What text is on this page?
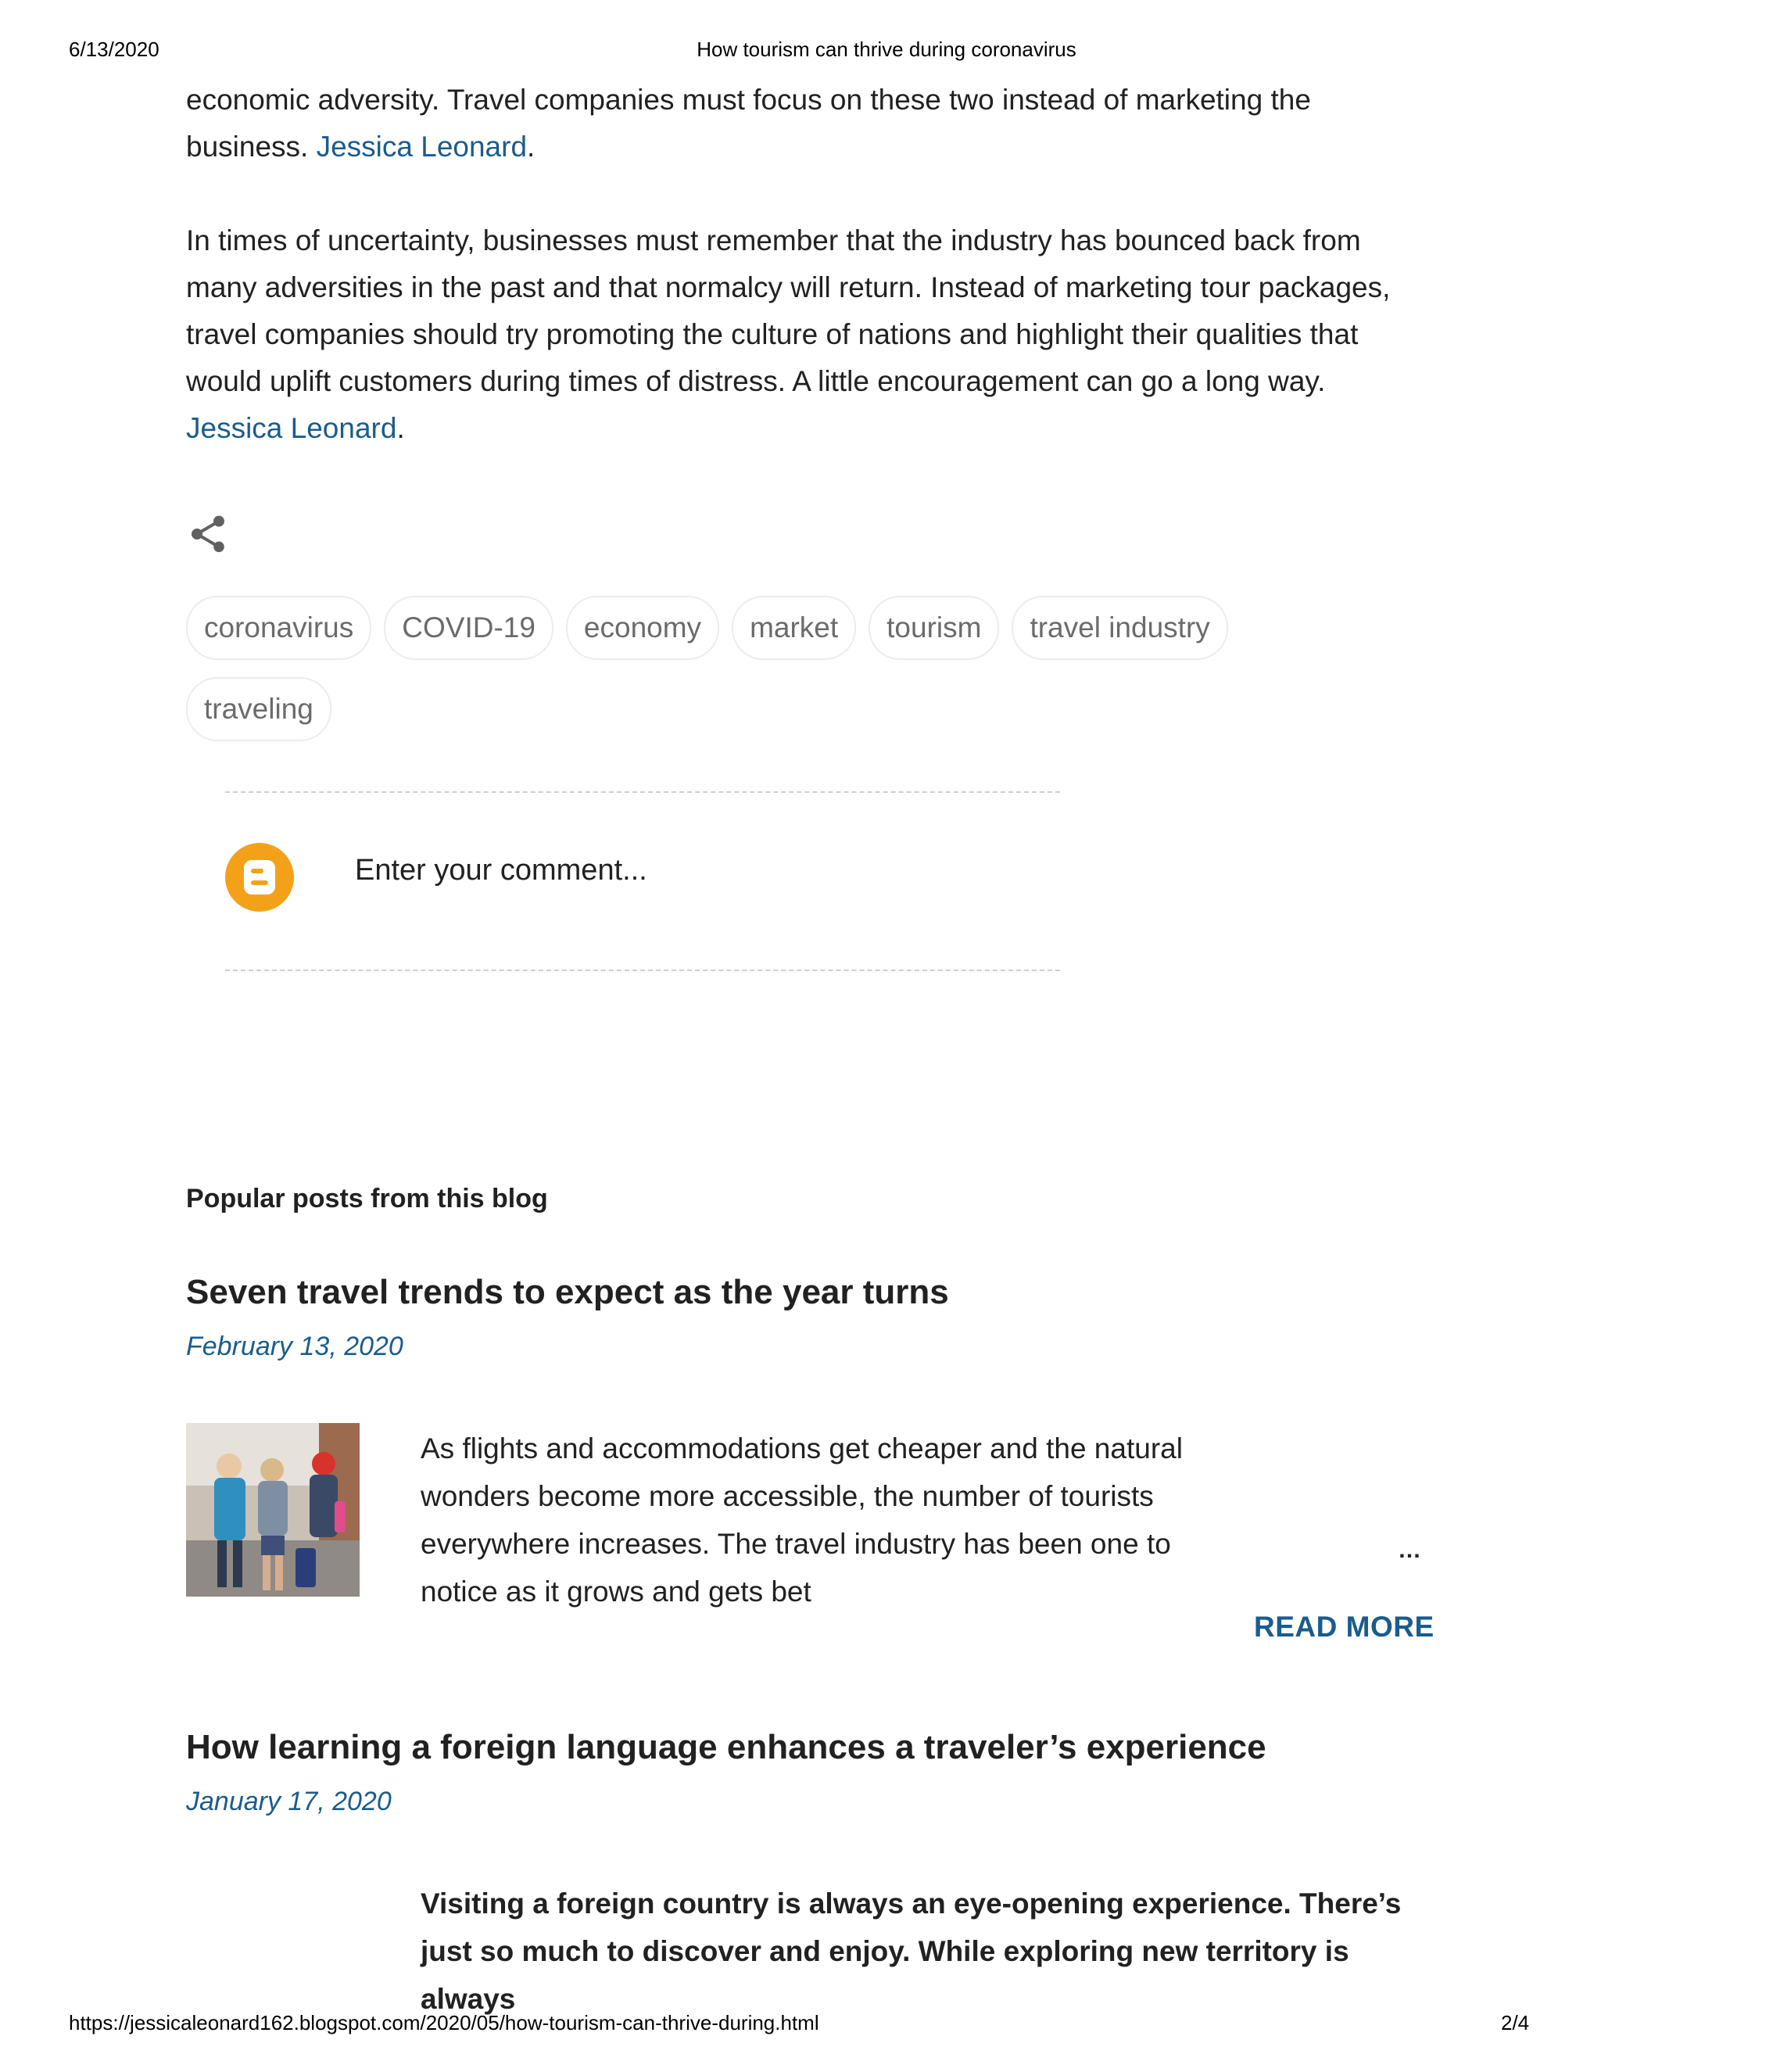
6/13/2020	How tourism can thrive during coronavirus

economic adversity. Travel companies must focus on these two instead of marketing the business. Jessica Leonard.

In times of uncertainty, businesses must remember that the industry has bounced back from many adversities in the past and that normalcy will return. Instead of marketing tour packages, travel companies should try promoting the culture of nations and highlight their qualities that would uplift customers during times of distress. A little encouragement can go a long way. Jessica Leonard.

coronavirus COVID-19 economy market tourism travel industry
traveling
Enter your comment...
Popular posts from this blog
Seven travel trends to expect as the year turns
February 13, 2020
As flights and accommodations get cheaper and the natural wonders become more accessible, the number of tourists everywhere increases. The travel industry has been one to notice as it grows and gets bet
…
READ MORE
How learning a foreign language enhances a traveler’s experience
January 17, 2020
Visiting a foreign country is always an eye-opening experience. There’s just so much to discover and enjoy. While exploring new territory is always
https://jessicaleonard162.blogspot.com/2020/05/how-tourism-can-thrive-during.html	2/4
